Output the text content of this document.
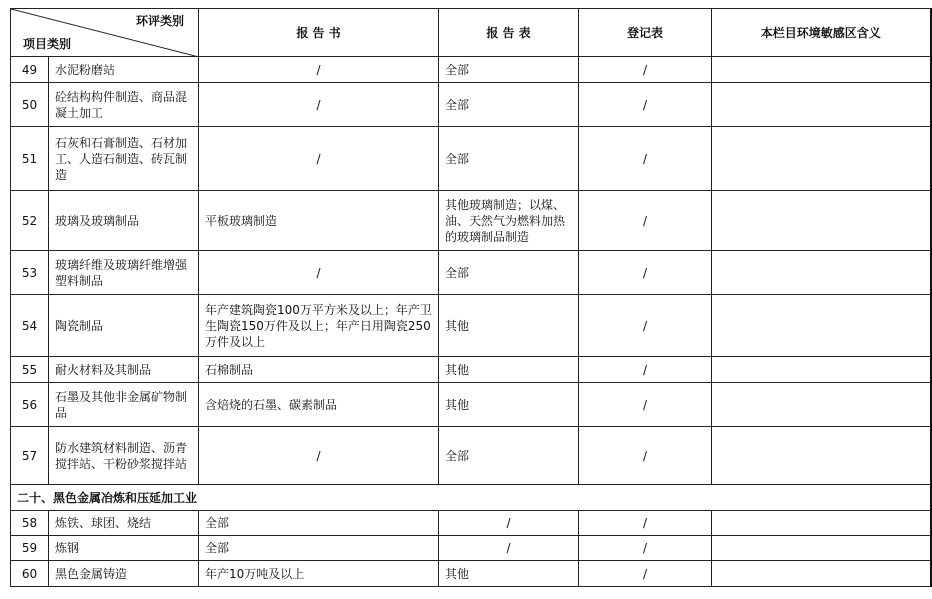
环评类别
项目类别		报 告 书	报 告 表	登记表	本栏目环境敏感区含义
49	水泥粉磨站	/	全部	/	
50	砼结构构件制造、商品混凝土加工	/	全部	/	
51	石灰和石膏制造、石材加工、人造石制造、砖瓦制造	/	全部	/	
52	玻璃及玻璃制品	平板玻璃制造	其他玻璃制造；以煤、油、天然气为燃料加热的玻璃制品制造	/	
53	玻璃纤维及玻璃纤维增强塑料制品	/	全部	/	
54	陶瓷制品	年产建筑陶瓷100万平方米及以上；年产卫生陶瓷150万件及以上；年产日用陶瓷250万件及以上	其他	/	
55	耐火材料及其制品	石棉制品	其他	/	
56	石墨及其他非金属矿物制品	含焙烧的石墨、碳素制品	其他	/	
57	防水建筑材料制造、沥青搅拌站、干粉砂浆搅拌站	/	全部	/	
二十、黑色金属冶炼和压延加工业					
58	炼铁、球团、烧结	全部	/	/	
59	炼钢	全部	/	/	
60	黑色金属铸造	年产10万吨及以上	其他	/	
